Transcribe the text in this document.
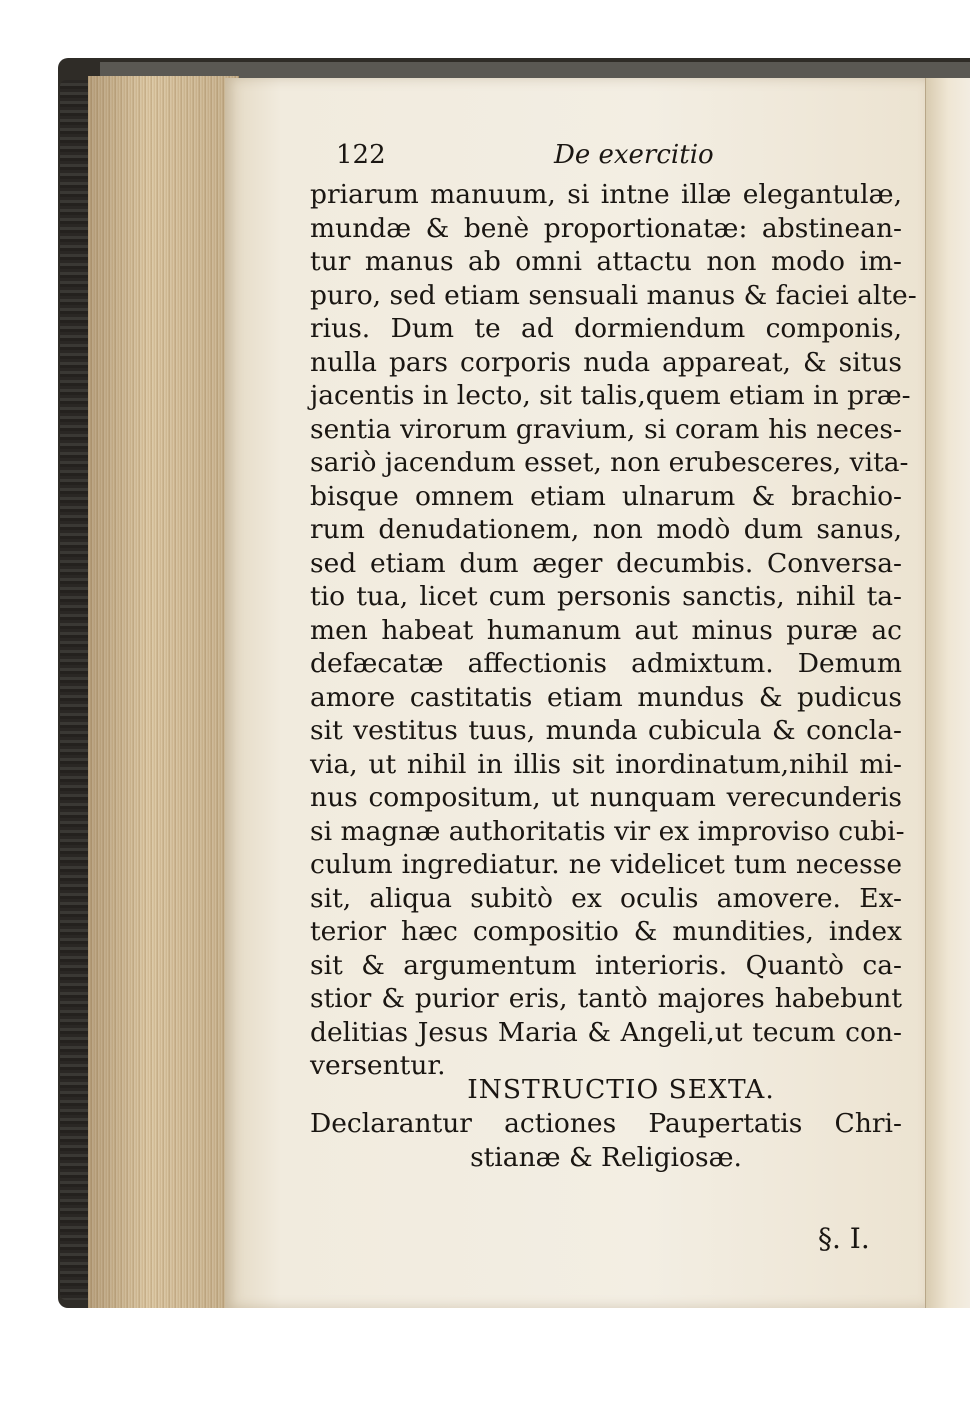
122	De exercitio
priarum manuum, si intne illæ elegantulæ,
mundæ & benè proportionatæ: abstinean-
tur manus ab omni attactu non modo im-
puro, sed etiam sensuali manus & faciei alte-
rius. Dum te ad dormiendum componis,
nulla pars corporis nuda appareat, & situs
jacentis in lecto, sit talis,quem etiam in præ-
sentia virorum gravium, si coram his neces-
sariò jacendum esset, non erubesceres, vita-
bisque omnem etiam ulnarum & brachio-
rum denudationem, non modò dum sanus,
sed etiam dum æger decumbis. Conversa-
tio tua, licet cum personis sanctis, nihil ta-
men habeat humanum aut minus puræ ac
defæcatæ affectionis admixtum. Demum
amore castitatis etiam mundus & pudicus
sit vestitus tuus, munda cubicula & concla-
via, ut nihil in illis sit inordinatum,nihil mi-
nus compositum, ut nunquam verecunderis
si magnæ authoritatis vir ex improviso cubi-
culum ingrediatur. ne videlicet tum necesse
sit, aliqua subitò ex oculis amovere. Ex-
terior hæc compositio & mundities, index
sit & argumentum interioris. Quantò ca-
stior & purior eris, tantò majores habebunt
delitias Jesus Maria & Angeli,ut tecum con-
versentur.
INSTRUCTIO SEXTA.
Declarantur actiones Paupertatis Chri-
stianæ & Religiosæ.
§. I.
